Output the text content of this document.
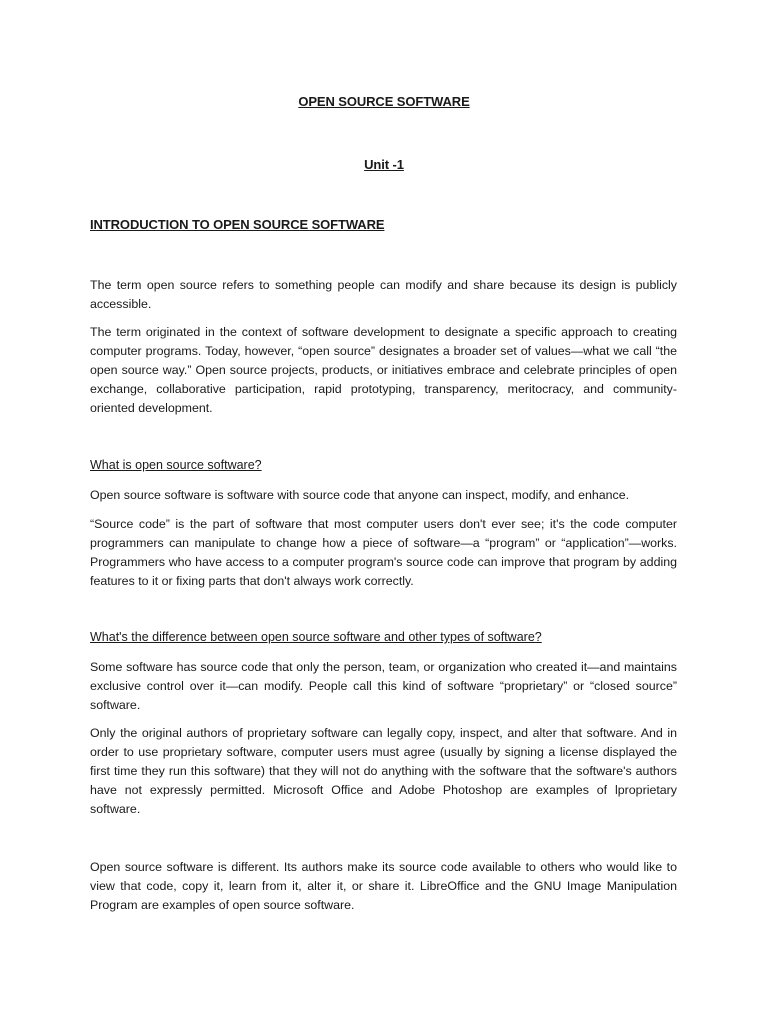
OPEN SOURCE SOFTWARE
Unit -1
INTRODUCTION TO OPEN SOURCE SOFTWARE

The term open source refers to something people can modify and share because its design is publicly accessible.

The term originated in the context of software development to designate a specific approach to creating computer programs. Today, however, “open source” designates a broader set of values—what we call “the open source way.” Open source projects, products, or initiatives embrace and celebrate principles of open exchange, collaborative participation, rapid prototyping, transparency, meritocracy, and community-oriented development.

What is open source software?

Open source software is software with source code that anyone can inspect, modify, and enhance.

“Source code” is the part of software that most computer users don't ever see; it's the code computer programmers can manipulate to change how a piece of software—a “program” or “application”—works. Programmers who have access to a computer program's source code can improve that program by adding features to it or fixing parts that don't always work correctly.

What's the difference between open source software and other types of software?

Some software has source code that only the person, team, or organization who created it—and maintains exclusive control over it—can modify. People call this kind of software “proprietary” or “closed source” software.

Only the original authors of proprietary software can legally copy, inspect, and alter that software. And in order to use proprietary software, computer users must agree (usually by signing a license displayed the first time they run this software) that they will not do anything with the software that the software's authors have not expressly permitted. Microsoft Office and Adobe Photoshop are examples of lproprietary software.

Open source software is different. Its authors make its source code available to others who would like to view that code, copy it, learn from it, alter it, or share it. LibreOffice and the GNU Image Manipulation Program are examples of open source software.
